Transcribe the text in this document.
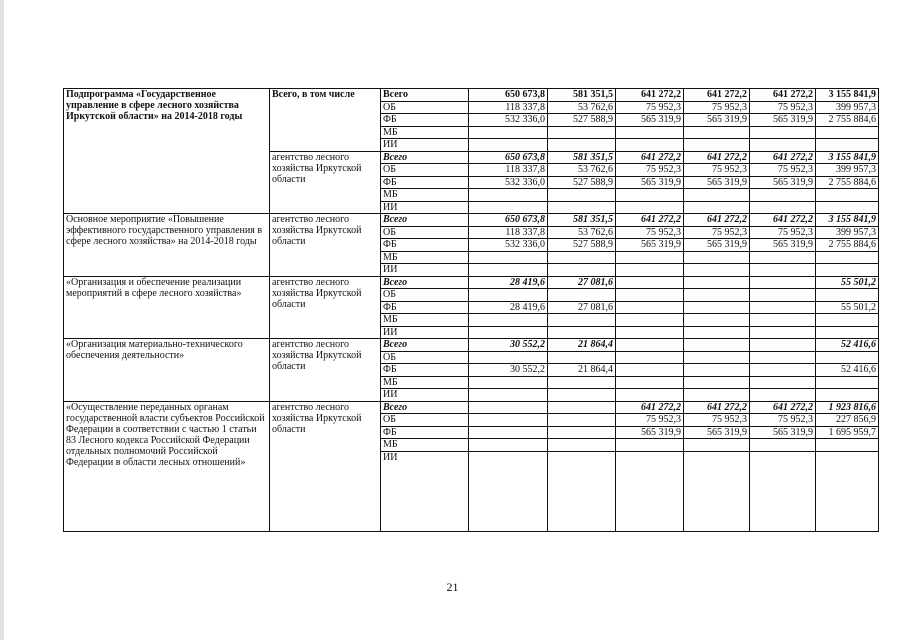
Подпрограмма «Государственное управление в сфере лесного хозяйства Иркутской области» на 2014-2018 годы	Всего, в том числе	Всего	650 673,8	581 351,5	641 272,2	641 272,2	641 272,2	3 155 841,9
		ОБ	118 337,8	53 762,6	75 952,3	75 952,3	75 952,3	399 957,3
		ФБ	532 336,0	527 588,9	565 319,9	565 319,9	565 319,9	2 755 884,6
		МБ						
		ИИ						
	агентство лесного хозяйства Иркутской области	Всего	650 673,8	581 351,5	641 272,2	641 272,2	641 272,2	3 155 841,9
		ОБ	118 337,8	53 762,6	75 952,3	75 952,3	75 952,3	399 957,3
		ФБ	532 336,0	527 588,9	565 319,9	565 319,9	565 319,9	2 755 884,6
		МБ						
		ИИ						
Основное мероприятие «Повышение эффективного государственного управления в сфере лесного хозяйства» на 2014-2018 годы	агентство лесного хозяйства Иркутской области	Всего	650 673,8	581 351,5	641 272,2	641 272,2	641 272,2	3 155 841,9
		ОБ	118 337,8	53 762,6	75 952,3	75 952,3	75 952,3	399 957,3
		ФБ	532 336,0	527 588,9	565 319,9	565 319,9	565 319,9	2 755 884,6
		МБ						
		ИИ						
«Организация и обеспечение реализации мероприятий в сфере лесного хозяйства»	агентство лесного хозяйства Иркутской области	Всего	28 419,6	27 081,6				55 501,2
		ОБ						
		ФБ	28 419,6	27 081,6				55 501,2
		МБ						
		ИИ						
«Организация материально-технического обеспечения деятельности»	агентство лесного хозяйства Иркутской области	Всего	30 552,2	21 864,4				52 416,6
		ОБ						
		ФБ	30 552,2	21 864,4				52 416,6
		МБ						
		ИИ						
«Осуществление переданных органам государственной власти субъектов Российской Федерации в соответствии с частью 1 статьи 83 Лесного кодекса Российской Федерации отдельных полномочий Российской Федерации в области лесных отношений»	агентство лесного хозяйства Иркутской области	Всего			641 272,2	641 272,2	641 272,2	1 923 816,6
		ОБ			75 952,3	75 952,3	75 952,3	227 856,9
		ФБ			565 319,9	565 319,9	565 319,9	1 695 959,7
		МБ						
		ИИ						
21
